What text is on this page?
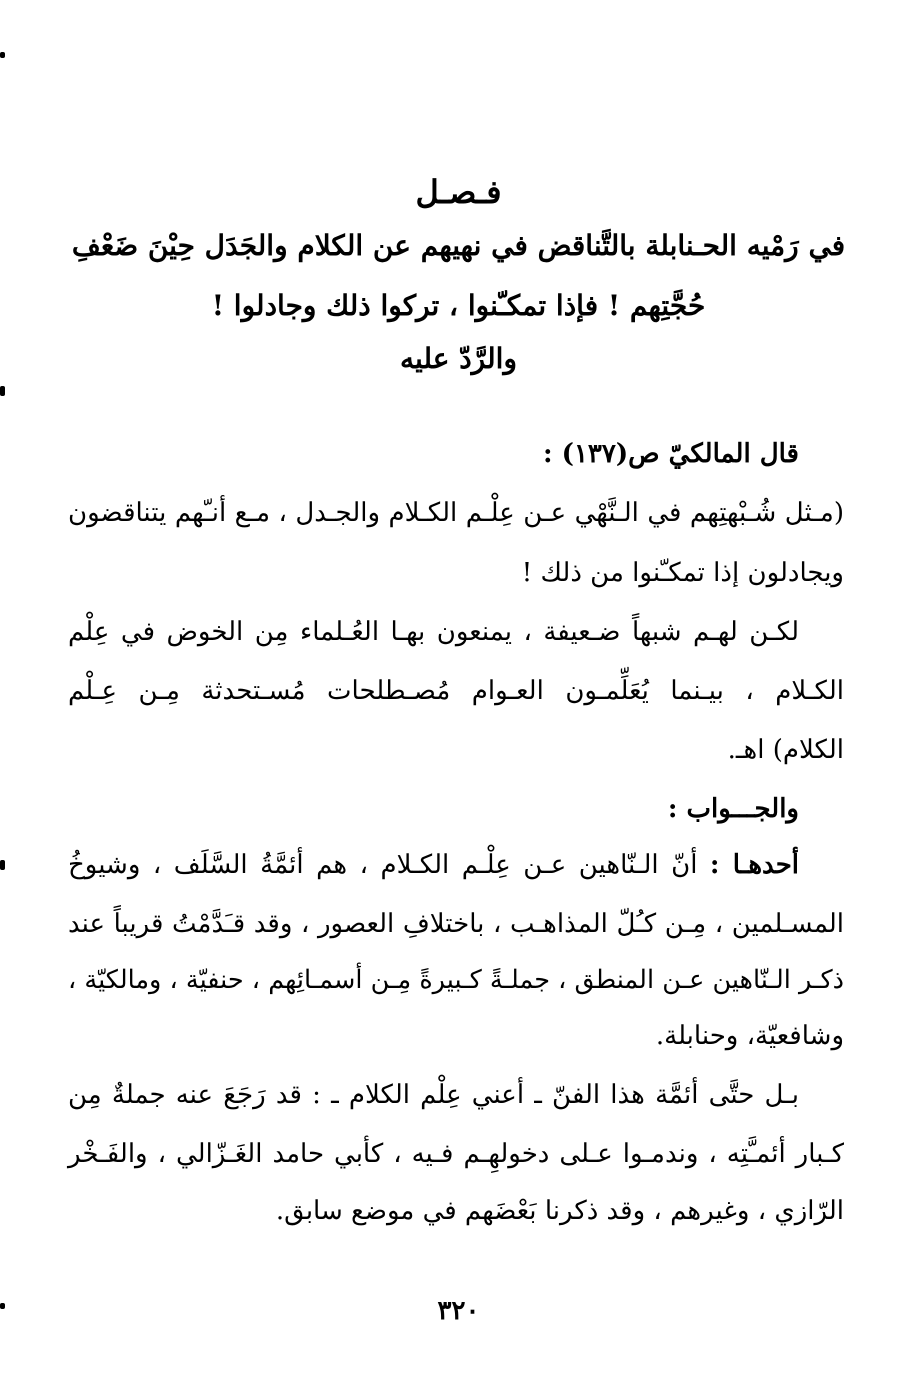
فـصـل
في رَمْيه الحـنابلة بالتَّناقض في نهيهم عن الكلام والجَدَل حِيْنَ ضَعْفِ
حُجَّتِهم ! فإذا تمكـّنوا ، تركوا ذلك وجادلوا !
والرَّدّ عليه
قال المالكيّ ص(١٣٧) :
(مـثل شُـبْهتِهم في الـنَّهْي عـن عِلْـم الكـلام والجـدل ، مـع أنـّهم يتناقضون
ويجادلون إذا تمكـّنوا من ذلك !
لكـن لهـم شبهاً ضـعيفة ، يمنعون بهـا العُـلماء مِن الخوض في عِلْم
الكـلام ، بيـنما يُعَلِّمـون العـوام مُصـطلحات مُسـتحدثة مِـن عِـلْم
الكلام) اهـ.
والجـــواب :
أحدهـا : أنّ الـنّاهين عـن عِلْـم الكـلام ، هم أئمَّةُ السَّلَف ، وشيوخُ
المسـلمين ، مِـن كـُلّ المذاهـب ، باختلافِ العصور ، وقد قـَدَّمْتُ قريباً عند
ذكـر الـنّاهين عـن المنطق ، جملـةً كـبيرةً مِـن أسمـائِهم ، حنفيّة ، ومالكيّة ،
وشافعيّة، وحنابلة.
بـل حتَّى أئمَّة هذا الفنّ ـ أعني عِلْم الكلام ـ : قد رَجَعَ عنه جملةٌ مِن
كـبار أئمـَّتِه ، وندمـوا عـلى دخولهِـم فـيه ، كأبي حامد الغَـزّالي ، والفَـخْر
الرّازي ، وغيرهم ، وقد ذكرنا بَعْضَهم في موضع سابق.
٣٢٠
